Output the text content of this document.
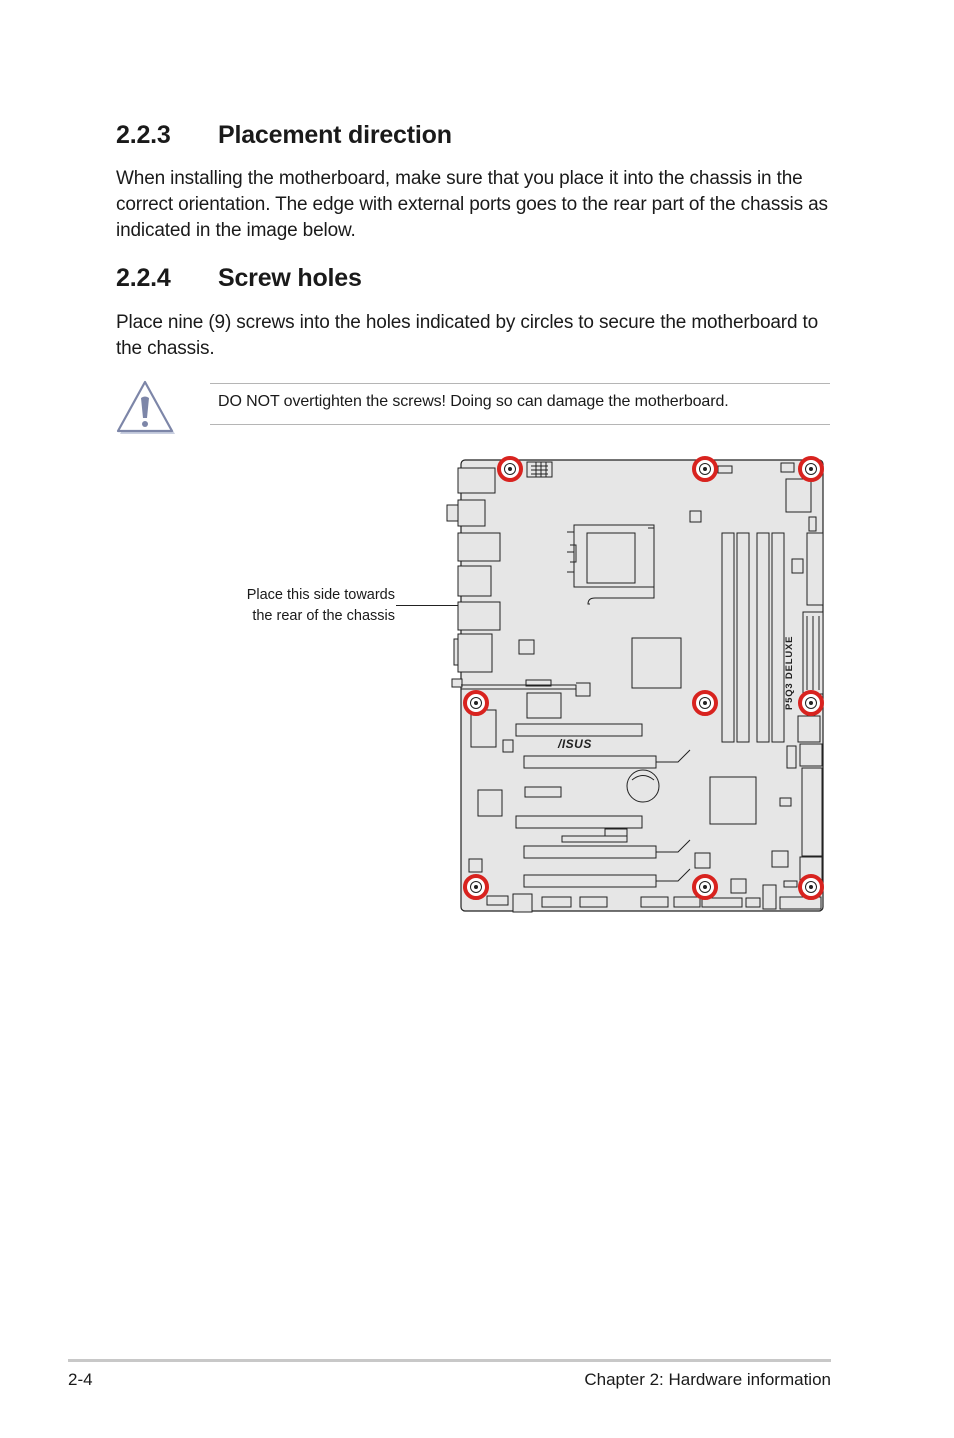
2.2.3 Placement direction

When installing the motherboard, make sure that you place it into the chassis in the correct orientation. The edge with external ports goes to the rear part of the chassis as indicated in the image below.

2.2.4 Screw holes

Place nine (9) screws into the holes indicated by circles to secure the motherboard to the chassis.

DO NOT overtighten the screws! Doing so can damage the motherboard.
Place this side towards
the rear of the chassis
P5Q3 DELUXE
/ISUS
2-4	Chapter 2: Hardware information
